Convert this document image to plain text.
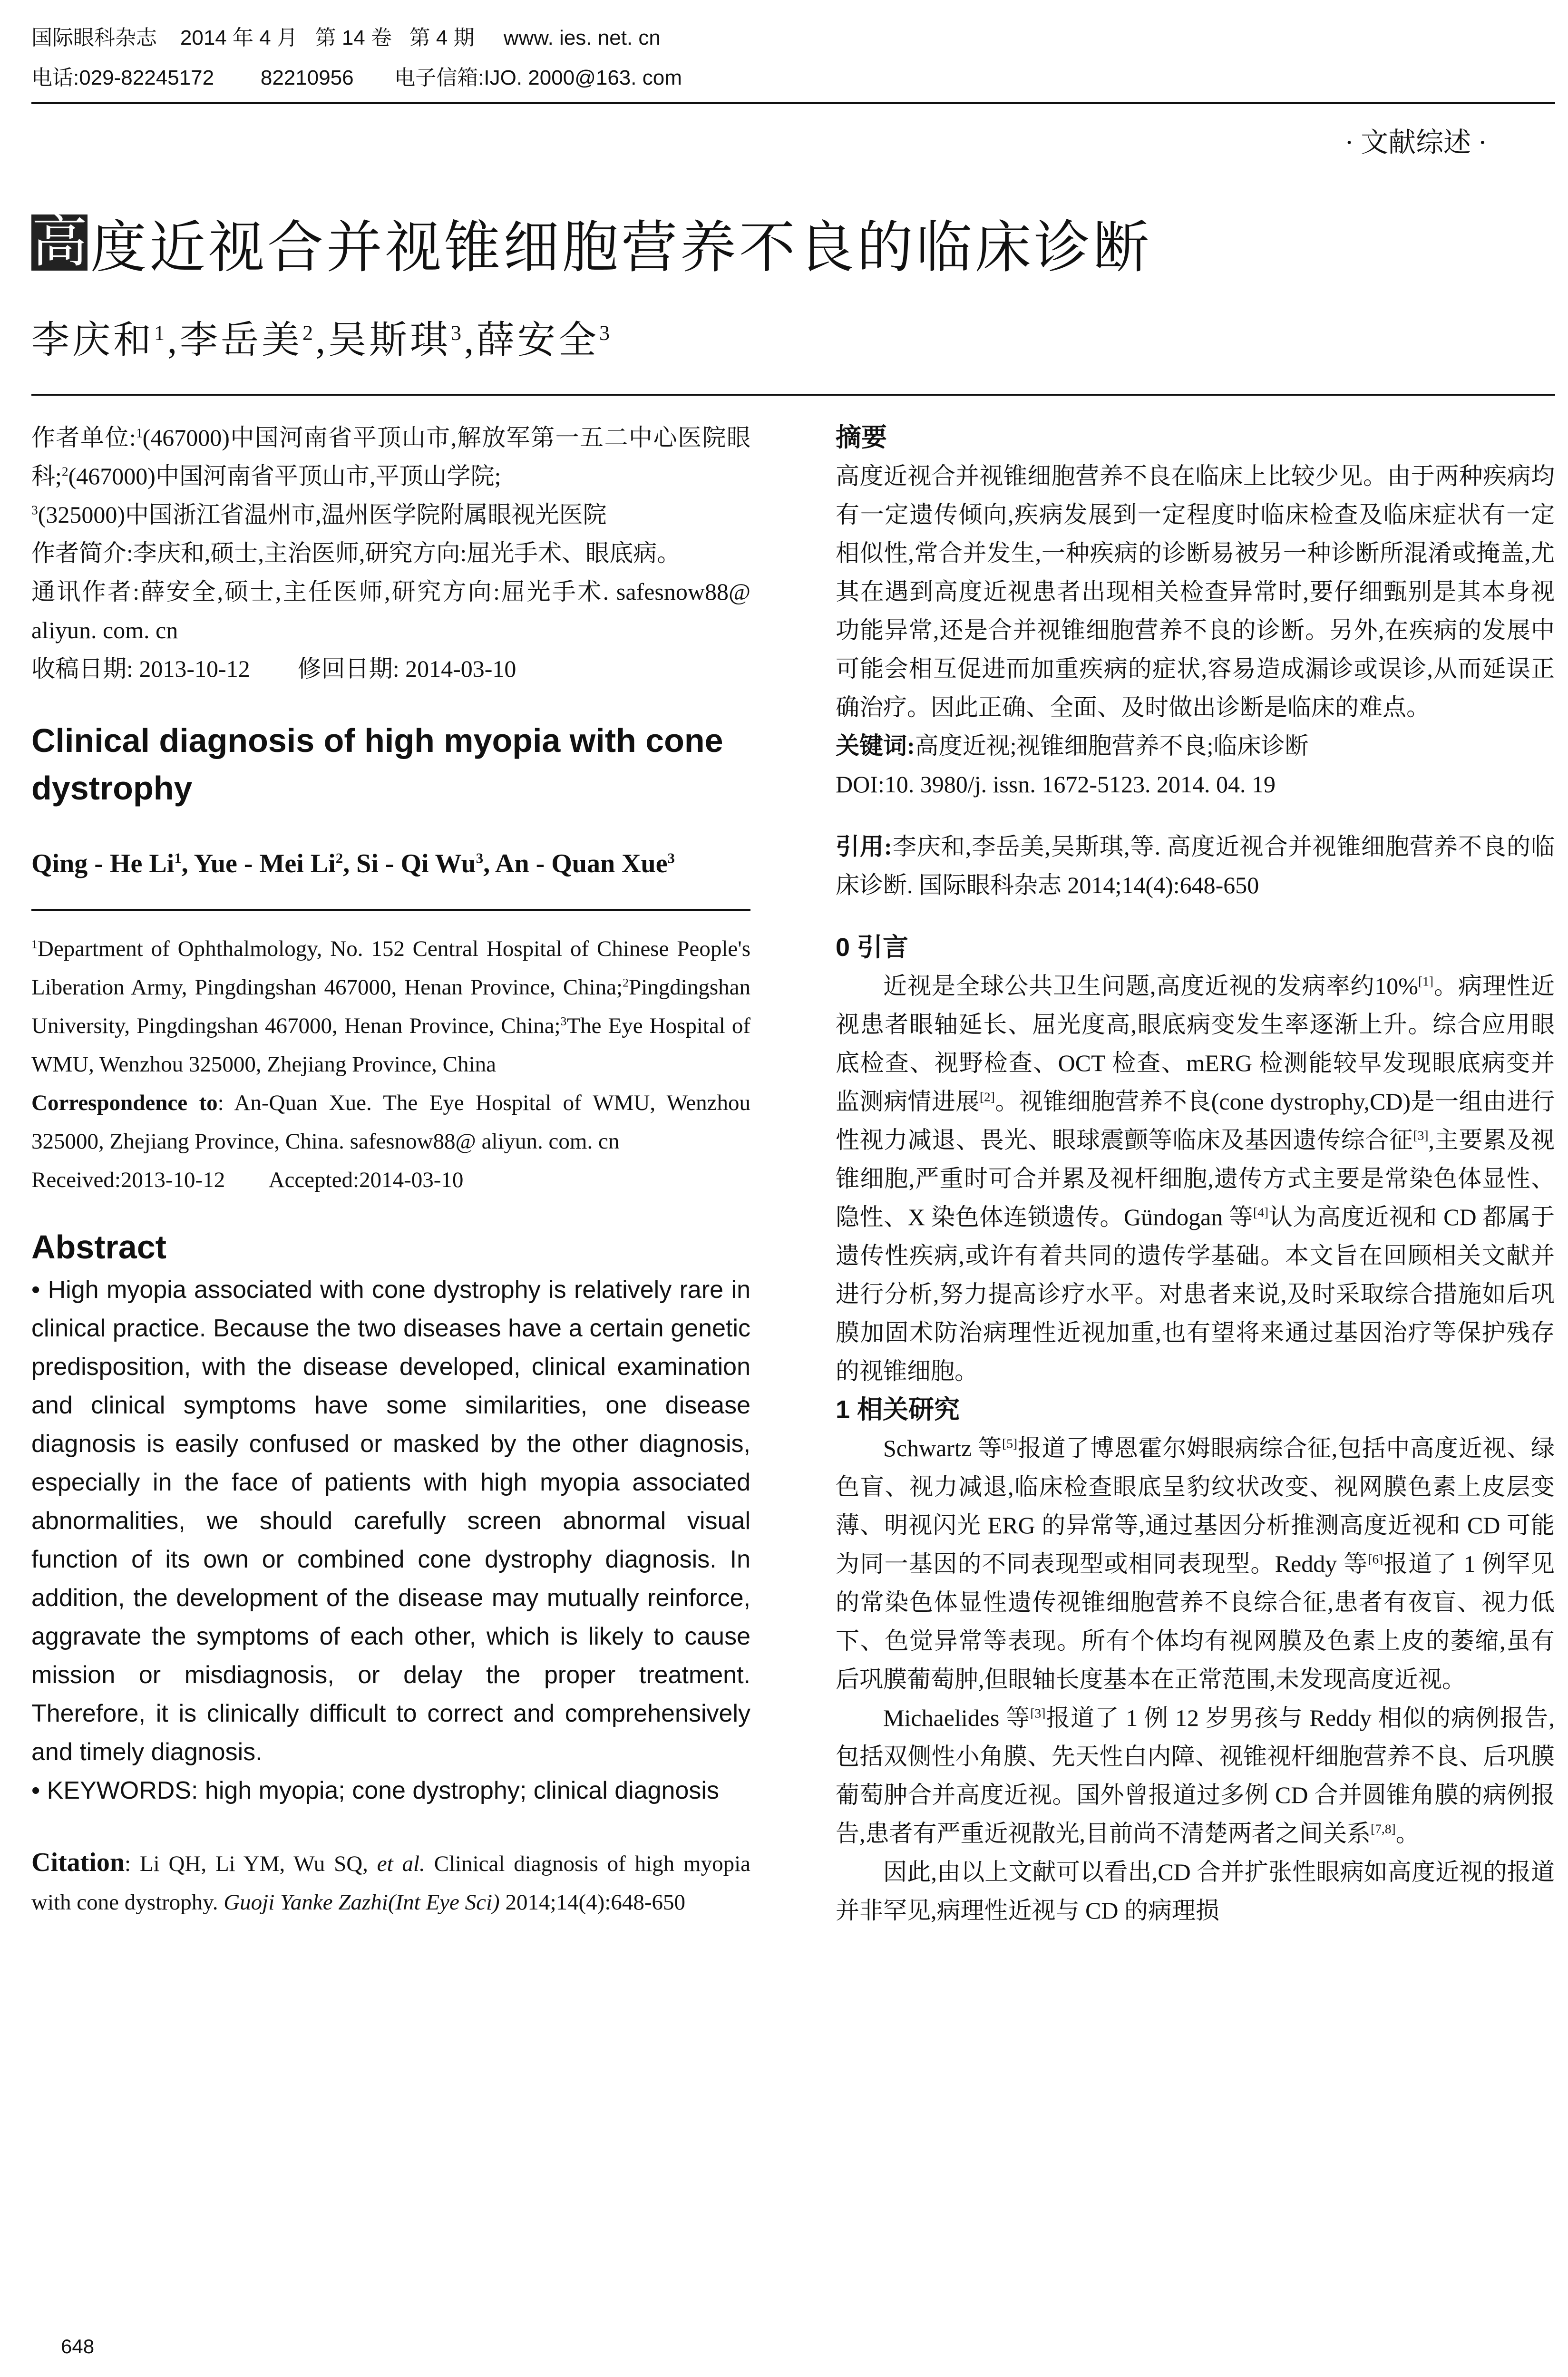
国际眼科杂志    2014 年 4 月   第 14 卷   第 4 期     www. ies. net. cn
电话:029-82245172        82210956       电子信箱:IJO. 2000@163. com
· 文献综述 ·
高 度近视合并视锥细胞营养不良的临床诊断
李庆和$^1$,李岳美$^2$,吴斯琪$^3$,薛安全$^3$

作者单位:$^1$(467000)中国河南省平顶山市,解放军第一五二中心医院眼科;$^2$(467000)中国河南省平顶山市,平顶山学院;
$^3$(325000)中国浙江省温州市,温州医学院附属眼视光医院

作者简介:李庆和,硕士,主治医师,研究方向:屈光手术、眼底病。

通讯作者:薛安全,硕士,主任医师,研究方向:屈光手术. safesnow88@ aliyun. com. cn

收稿日期: 2013-10-12        修回日期: 2014-03-10

Clinical diagnosis of high myopia with cone dystrophy

Qing - He Li$^1$, Yue - Mei Li$^2$, Si - Qi Wu$^3$, An - Quan Xue$^3$

$^1$Department of Ophthalmology, No. 152 Central Hospital of Chinese People's Liberation Army, Pingdingshan 467000, Henan Province, China;$^2$Pingdingshan University, Pingdingshan 467000, Henan Province, China;$^3$The Eye Hospital of WMU, Wenzhou 325000, Zhejiang Province, China

Correspondence to: An-Quan Xue. The Eye Hospital of WMU, Wenzhou 325000, Zhejiang Province, China. safesnow88@ aliyun. com. cn

Received:2013-10-12        Accepted:2014-03-10

Abstract

• High myopia associated with cone dystrophy is relatively rare in clinical practice. Because the two diseases have a certain genetic predisposition, with the disease developed, clinical examination and clinical symptoms have some similarities, one disease diagnosis is easily confused or masked by the other diagnosis, especially in the face of patients with high myopia associated abnormalities, we should carefully screen abnormal visual function of its own or combined cone dystrophy diagnosis. In addition, the development of the disease may mutually reinforce, aggravate the symptoms of each other, which is likely to cause mission or misdiagnosis, or delay the proper treatment. Therefore, it is clinically difficult to correct and comprehensively and timely diagnosis.

• KEYWORDS: high myopia; cone dystrophy; clinical diagnosis

Citation: Li QH, Li YM, Wu SQ, et al. Clinical diagnosis of high myopia with cone dystrophy. Guoji Yanke Zazhi(Int Eye Sci) 2014;14(4):648-650

摘要

高度近视合并视锥细胞营养不良在临床上比较少见。由于两种疾病均有一定遗传倾向,疾病发展到一定程度时临床检查及临床症状有一定相似性,常合并发生,一种疾病的诊断易被另一种诊断所混淆或掩盖,尤其在遇到高度近视患者出现相关检查异常时,要仔细甄别是其本身视功能异常,还是合并视锥细胞营养不良的诊断。另外,在疾病的发展中可能会相互促进而加重疾病的症状,容易造成漏诊或误诊,从而延误正确治疗。因此正确、全面、及时做出诊断是临床的难点。

关键词:高度近视;视锥细胞营养不良;临床诊断

DOI:10. 3980/j. issn. 1672-5123. 2014. 04. 19

引用:李庆和,李岳美,吴斯琪,等. 高度近视合并视锥细胞营养不良的临床诊断. 国际眼科杂志 2014;14(4):648-650

0 引言

近视是全球公共卫生问题,高度近视的发病率约10%[1]。病理性近视患者眼轴延长、屈光度高,眼底病变发生率逐渐上升。综合应用眼底检查、视野检查、OCT 检查、mERG 检测能较早发现眼底病变并监测病情进展[2]。视锥细胞营养不良(cone dystrophy,CD)是一组由进行性视力减退、畏光、眼球震颤等临床及基因遗传综合征[3],主要累及视锥细胞,严重时可合并累及视杆细胞,遗传方式主要是常染色体显性、隐性、X 染色体连锁遗传。Gündogan 等[4]认为高度近视和 CD 都属于遗传性疾病,或许有着共同的遗传学基础。本文旨在回顾相关文献并进行分析,努力提高诊疗水平。对患者来说,及时采取综合措施如后巩膜加固术防治病理性近视加重,也有望将来通过基因治疗等保护残存的视锥细胞。

1 相关研究

Schwartz 等[5]报道了博恩霍尔姆眼病综合征,包括中高度近视、绿色盲、视力减退,临床检查眼底呈豹纹状改变、视网膜色素上皮层变薄、明视闪光 ERG 的异常等,通过基因分析推测高度近视和 CD 可能为同一基因的不同表现型或相同表现型。Reddy 等[6]报道了 1 例罕见的常染色体显性遗传视锥细胞营养不良综合征,患者有夜盲、视力低下、色觉异常等表现。所有个体均有视网膜及色素上皮的萎缩,虽有后巩膜葡萄肿,但眼轴长度基本在正常范围,未发现高度近视。

Michaelides 等[3]报道了 1 例 12 岁男孩与 Reddy 相似的病例报告,包括双侧性小角膜、先天性白内障、视锥视杆细胞营养不良、后巩膜葡萄肿合并高度近视。国外曾报道过多例 CD 合并圆锥角膜的病例报告,患者有严重近视散光,目前尚不清楚两者之间关系[7,8]。

因此,由以上文献可以看出,CD 合并扩张性眼病如高度近视的报道并非罕见,病理性近视与 CD 的病理损

648
